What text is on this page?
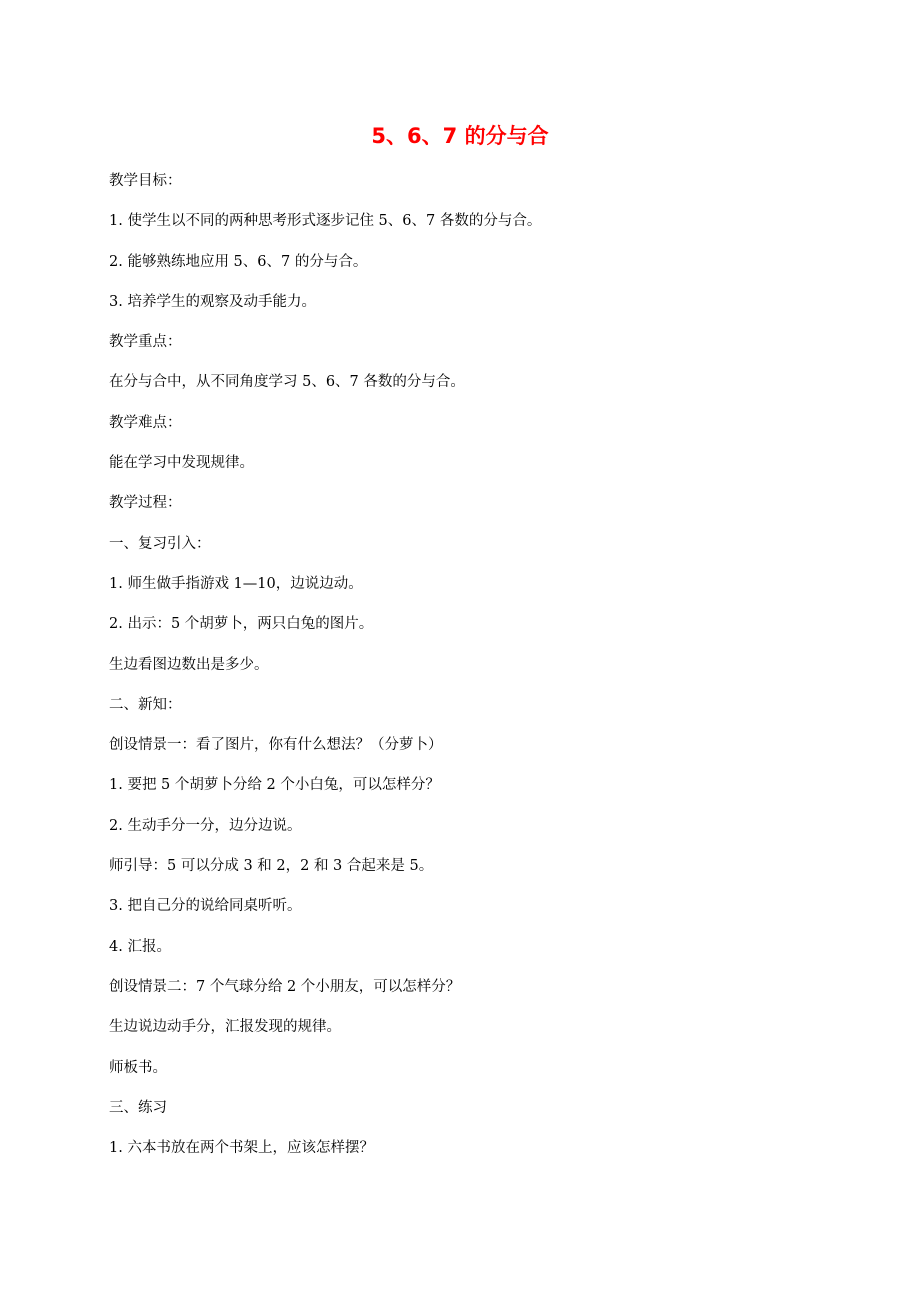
5、6、7 的分与合
教学目标：
1. 使学生以不同的两种思考形式逐步记住 5、6、7 各数的分与合。
2. 能够熟练地应用 5、6、7 的分与合。
3. 培养学生的观察及动手能力。
教学重点：
在分与合中，从不同角度学习 5、6、7 各数的分与合。
教学难点：
能在学习中发现规律。
教学过程：
一、复习引入：
1. 师生做手指游戏 1—10，边说边动。
2. 出示：5 个胡萝卜，两只白兔的图片。
生边看图边数出是多少。
二、新知：
创设情景一：看了图片，你有什么想法？（分萝卜）
1. 要把 5 个胡萝卜分给 2 个小白兔，可以怎样分？
2. 生动手分一分，边分边说。
师引导：5 可以分成 3 和 2，2 和 3 合起来是 5。
3. 把自己分的说给同桌听听。
4. 汇报。
创设情景二：7 个气球分给 2 个小朋友，可以怎样分？
生边说边动手分，汇报发现的规律。
师板书。
三、练习
1. 六本书放在两个书架上，应该怎样摆？
